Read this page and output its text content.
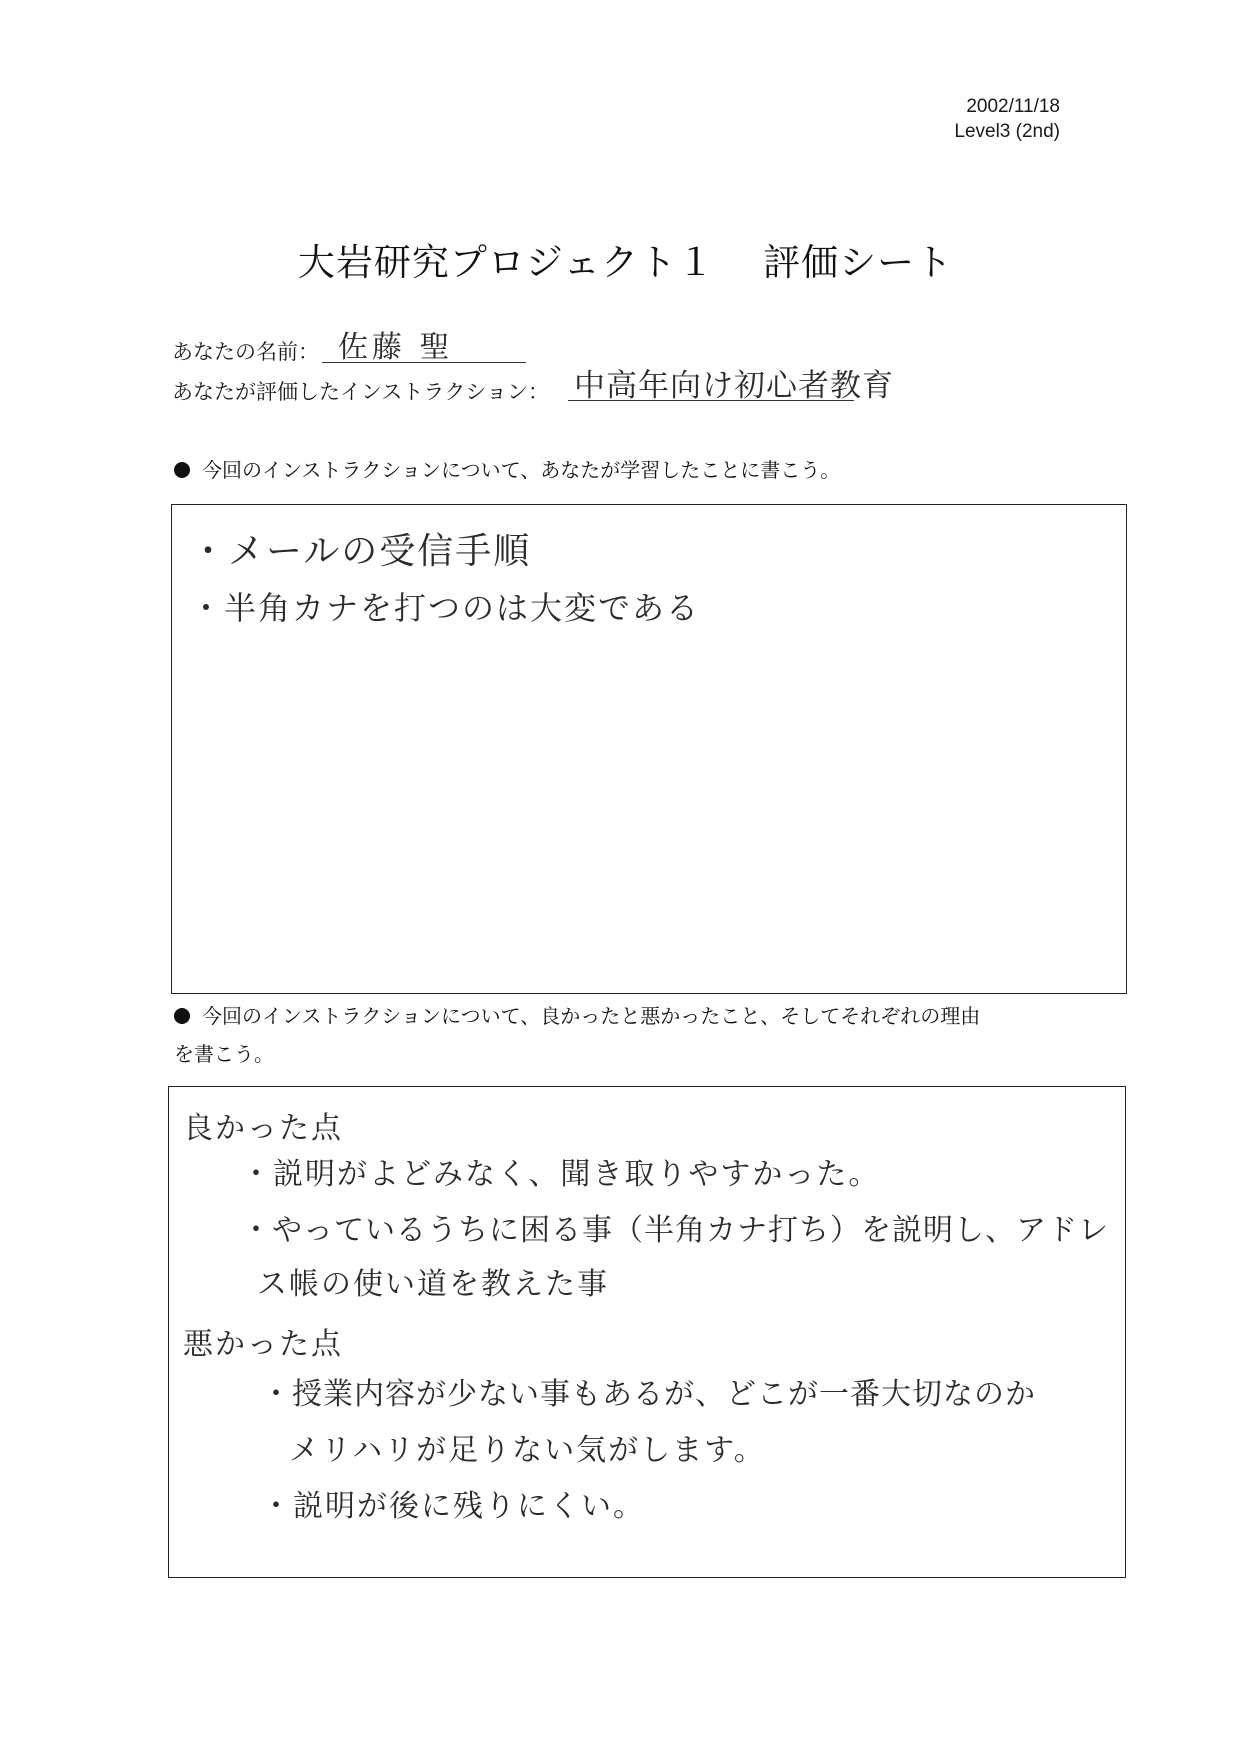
2002/11/18
Level3 (2nd)
大岩研究プロジェクト１ 評価シート
あなたの名前： 佐藤 聖
あなたが評価したインストラクション： 中高年向け初心者教育
今回のインストラクションについて、あなたが学習したことに書こう。
・メールの受信手順
・半角カナを打つのは大変である
今回のインストラクションについて、良かったと悪かったこと、そしてそれぞれの理由
を書こう。
良かった点
・説明がよどみなく、聞き取りやすかった。
・やっているうちに困る事（半角カナ打ち）を説明し、アドレ
ス帳の使い道を教えた事
悪かった点
・授業内容が少ない事もあるが、どこが一番大切なのか
メリハリが足りない気がします。
・説明が後に残りにくい。
